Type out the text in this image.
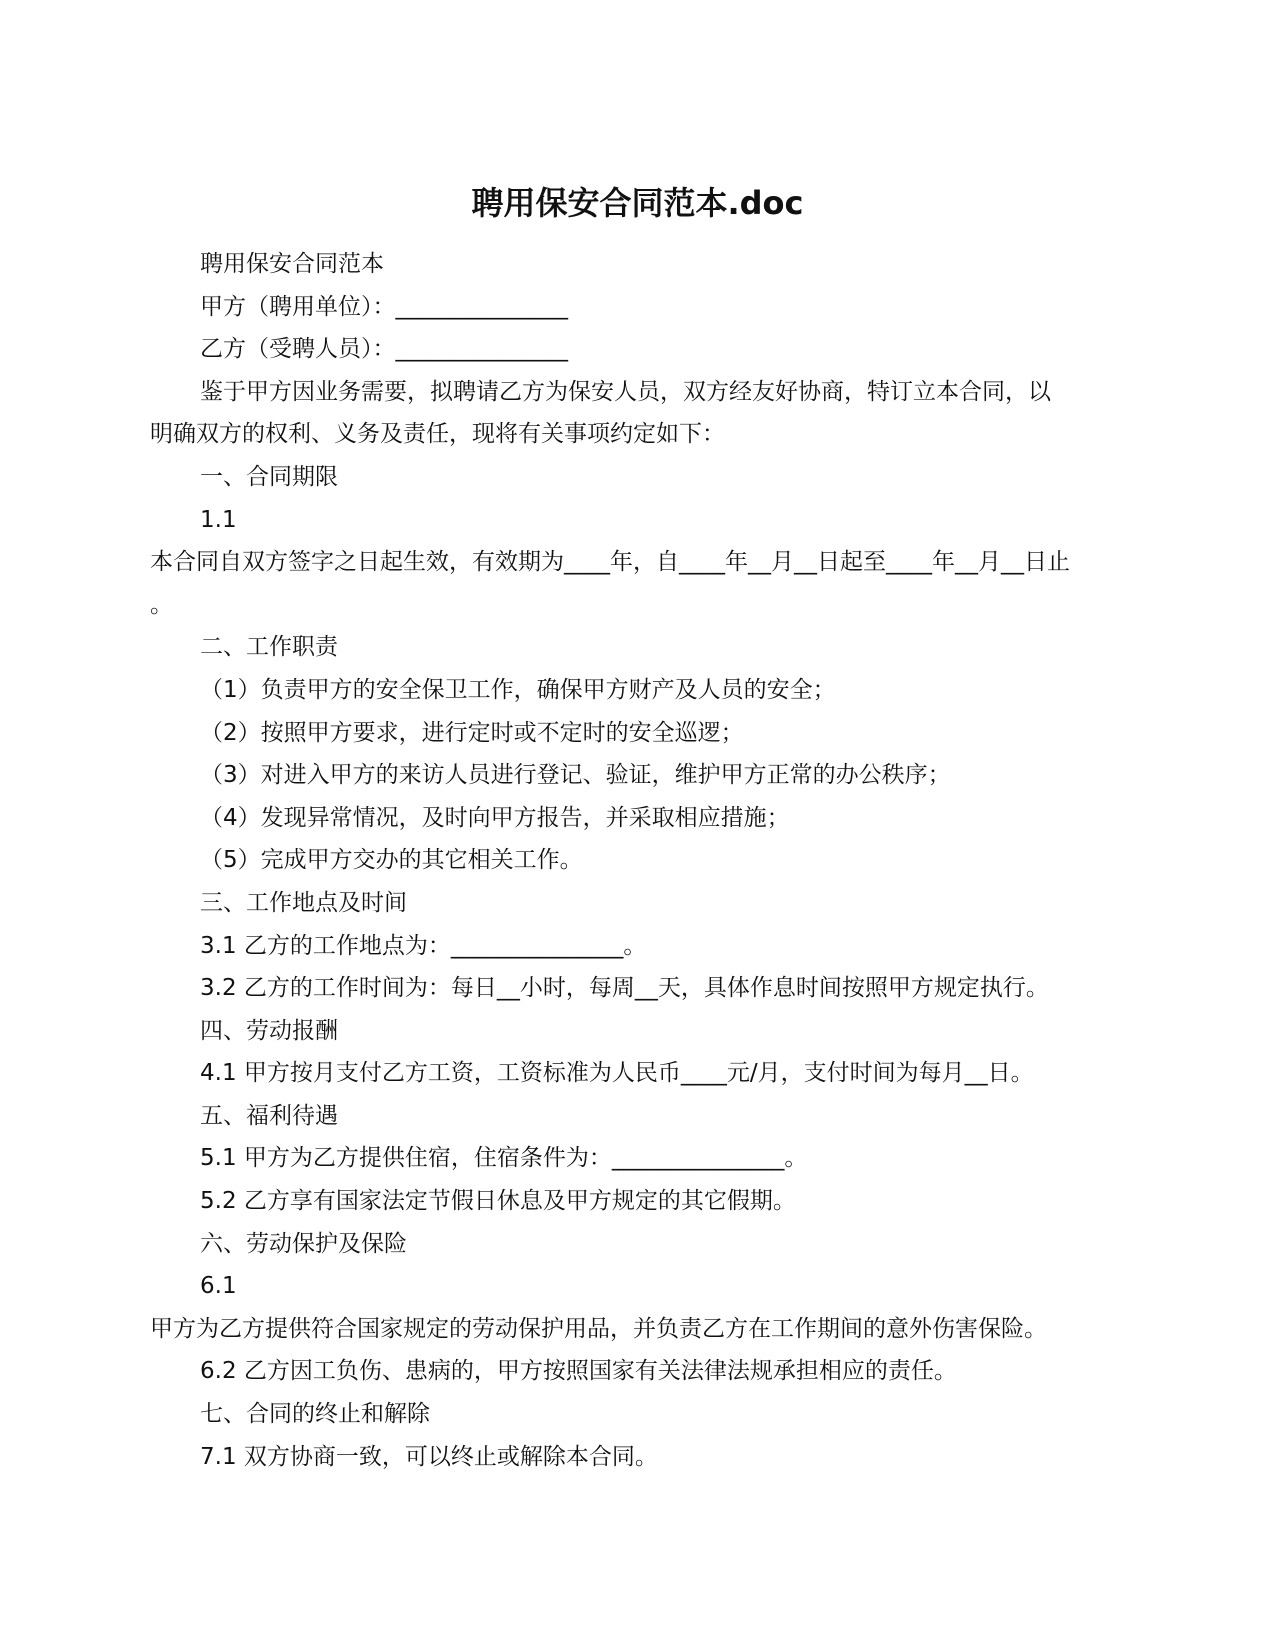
聘用保安合同范本.doc
聘用保安合同范本
甲方（聘用单位）：_______________
乙方（受聘人员）：_______________
鉴于甲方因业务需要，拟聘请乙方为保安人员，双方经友好协商，特订立本合同，以
明确双方的权利、义务及责任，现将有关事项约定如下：
一、合同期限
1.1
本合同自双方签字之日起生效，有效期为____年，自____年__月__日起至____年__月__日止
。
二、工作职责
（1）负责甲方的安全保卫工作，确保甲方财产及人员的安全；
（2）按照甲方要求，进行定时或不定时的安全巡逻；
（3）对进入甲方的来访人员进行登记、验证，维护甲方正常的办公秩序；
（4）发现异常情况，及时向甲方报告，并采取相应措施；
（5）完成甲方交办的其它相关工作。
三、工作地点及时间
3.1 乙方的工作地点为：_______________。
3.2 乙方的工作时间为：每日__小时，每周__天，具体作息时间按照甲方规定执行。
四、劳动报酬
4.1 甲方按月支付乙方工资，工资标准为人民币____元/月，支付时间为每月__日。
五、福利待遇
5.1 甲方为乙方提供住宿，住宿条件为：_______________。
5.2 乙方享有国家法定节假日休息及甲方规定的其它假期。
六、劳动保护及保险
6.1
甲方为乙方提供符合国家规定的劳动保护用品，并负责乙方在工作期间的意外伤害保险。
6.2 乙方因工负伤、患病的，甲方按照国家有关法律法规承担相应的责任。
七、合同的终止和解除
7.1 双方协商一致，可以终止或解除本合同。
